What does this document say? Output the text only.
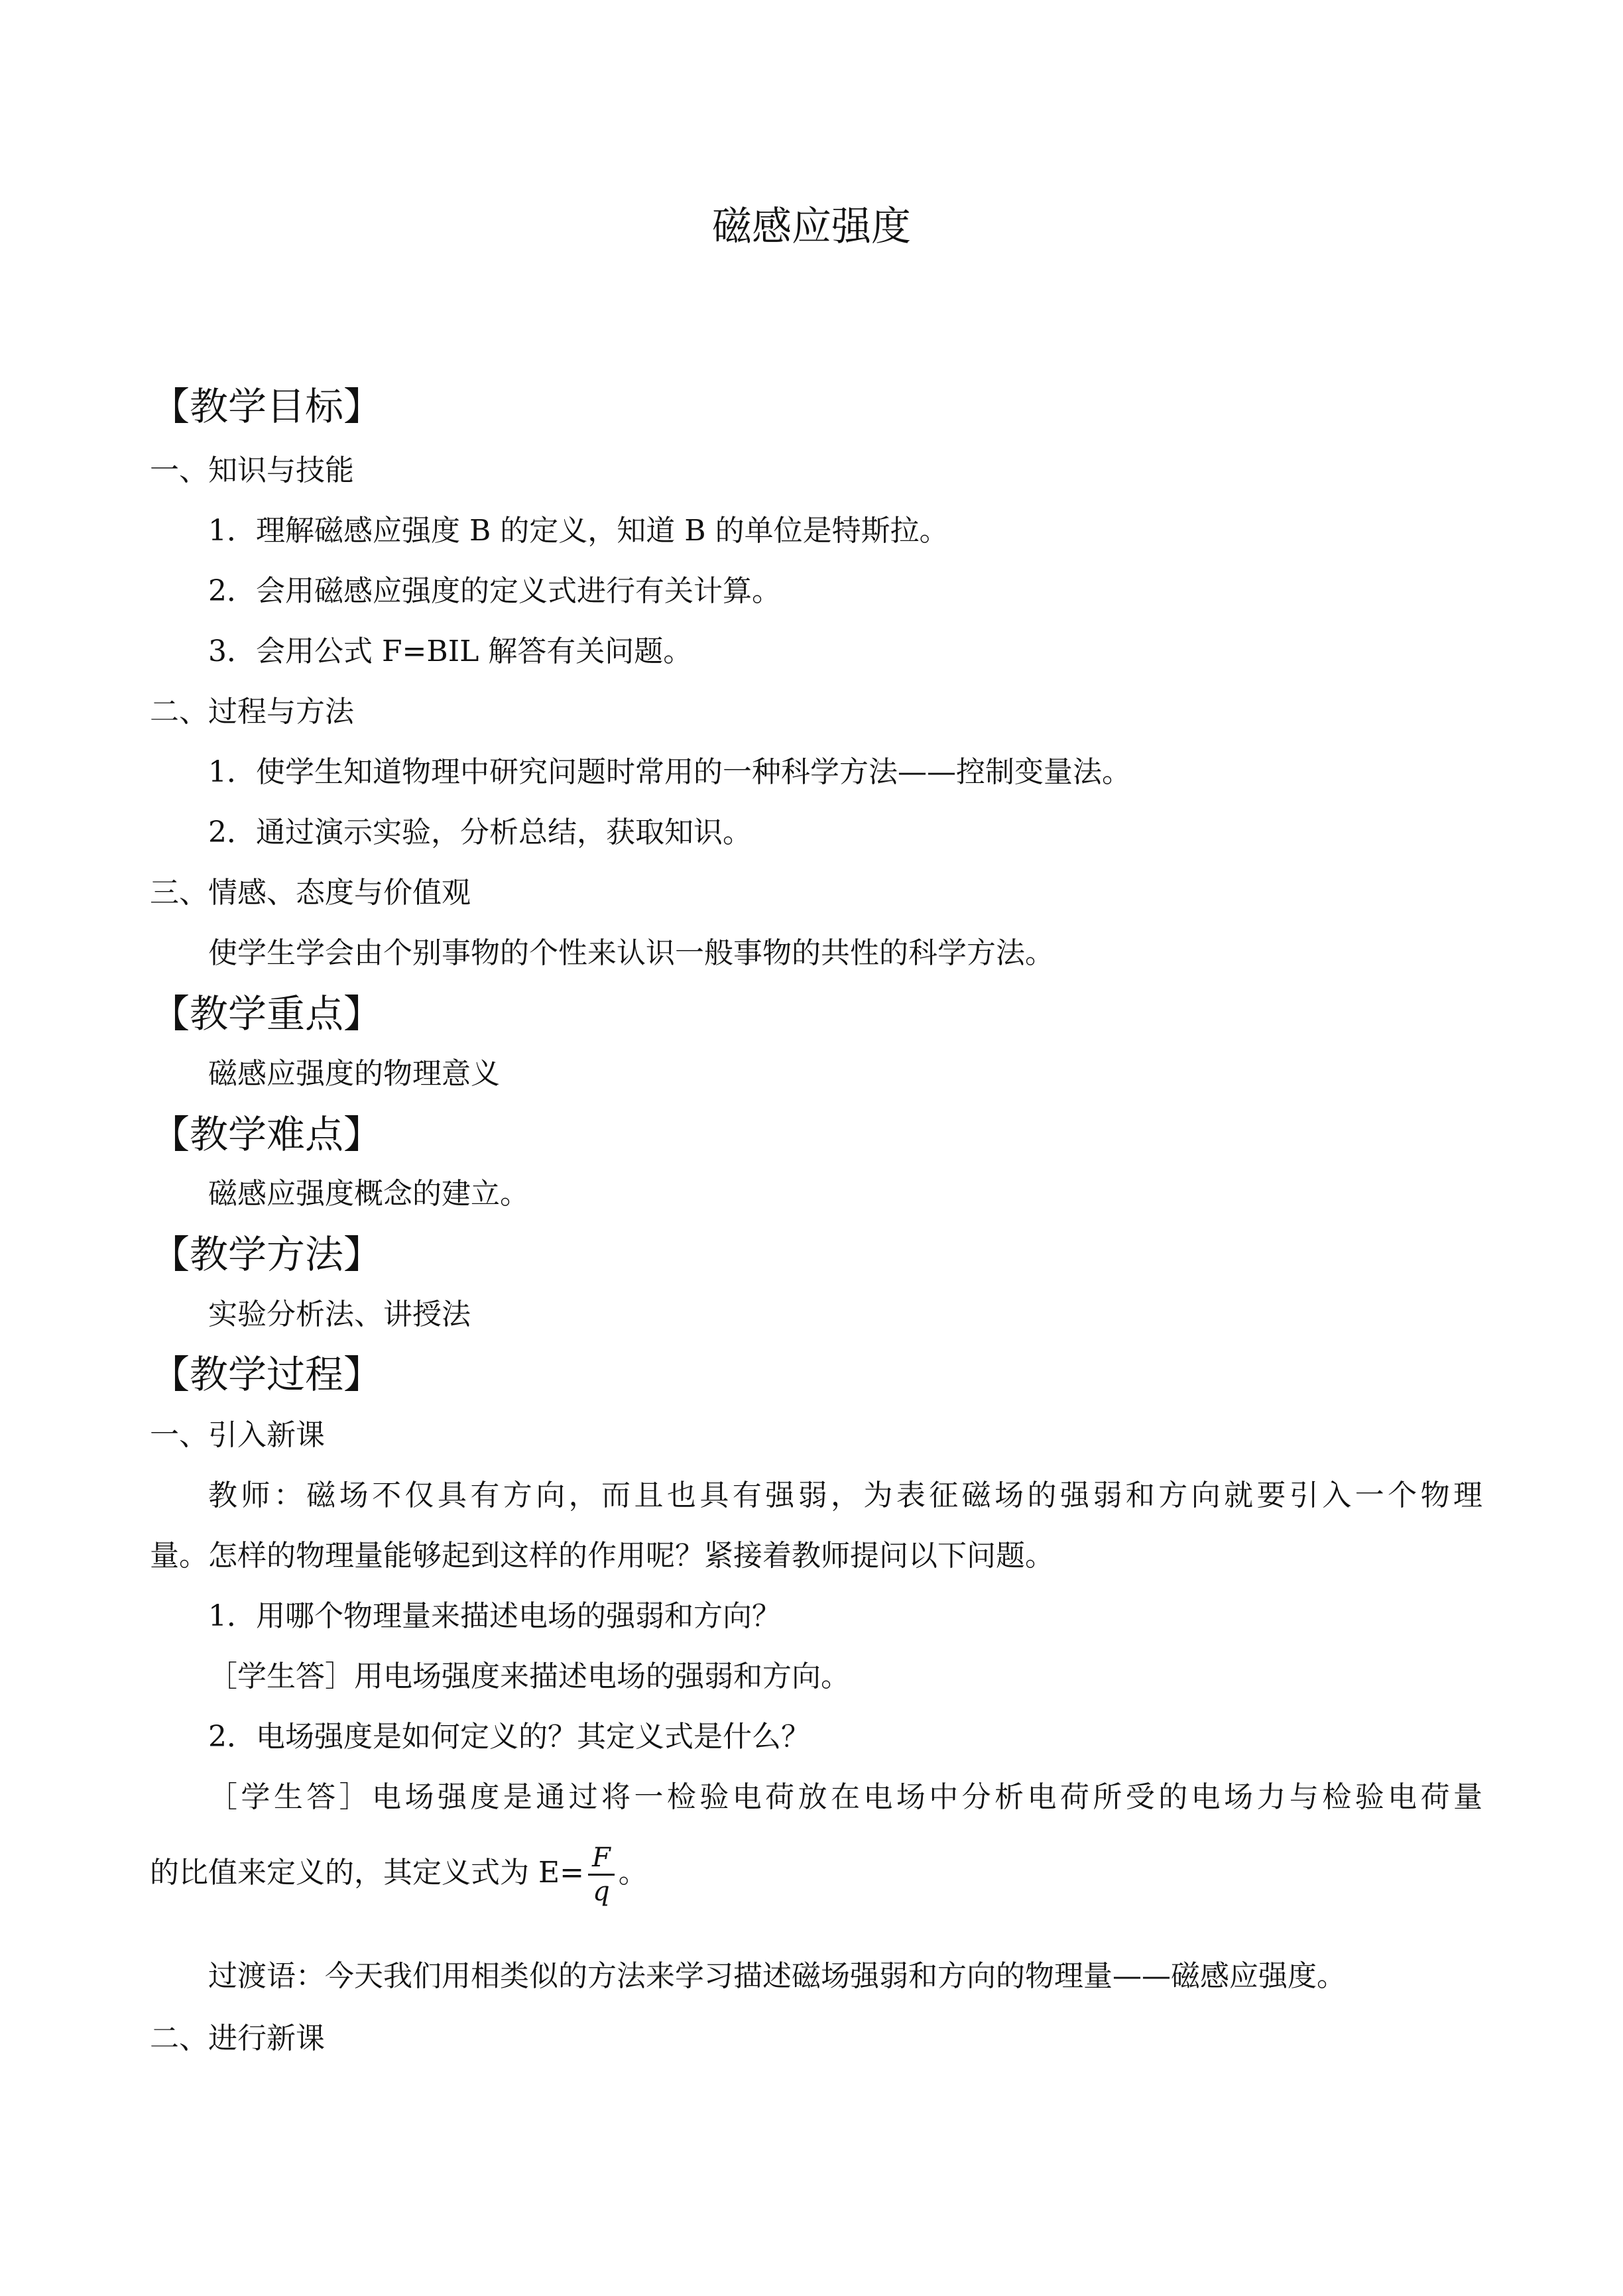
磁感应强度
【教学目标】
一、知识与技能
1．理解磁感应强度 B 的定义，知道 B 的单位是特斯拉。
2．会用磁感应强度的定义式进行有关计算。
3．会用公式 F=BIL 解答有关问题。
二、过程与方法
1．使学生知道物理中研究问题时常用的一种科学方法——控制变量法。
2．通过演示实验，分析总结，获取知识。
三、情感、态度与价值观
使学生学会由个别事物的个性来认识一般事物的共性的科学方法。
【教学重点】
磁感应强度的物理意义
【教学难点】
磁感应强度概念的建立。
【教学方法】
实验分析法、讲授法
【教学过程】
一、引入新课
教师：磁场不仅具有方向，而且也具有强弱，为表征磁场的强弱和方向就要引入一个物理
量。怎样的物理量能够起到这样的作用呢？紧接着教师提问以下问题。
1．用哪个物理量来描述电场的强弱和方向？
［学生答］用电场强度来描述电场的强弱和方向。
2．电场强度是如何定义的？其定义式是什么？
［学生答］电场强度是通过将一检验电荷放在电场中分析电荷所受的电场力与检验电荷量
的比值来定义的，其定义式为 $E= \frac{F}{q}$ 。
过渡语：今天我们用相类似的方法来学习描述磁场强弱和方向的物理量——磁感应强度。
二、进行新课
